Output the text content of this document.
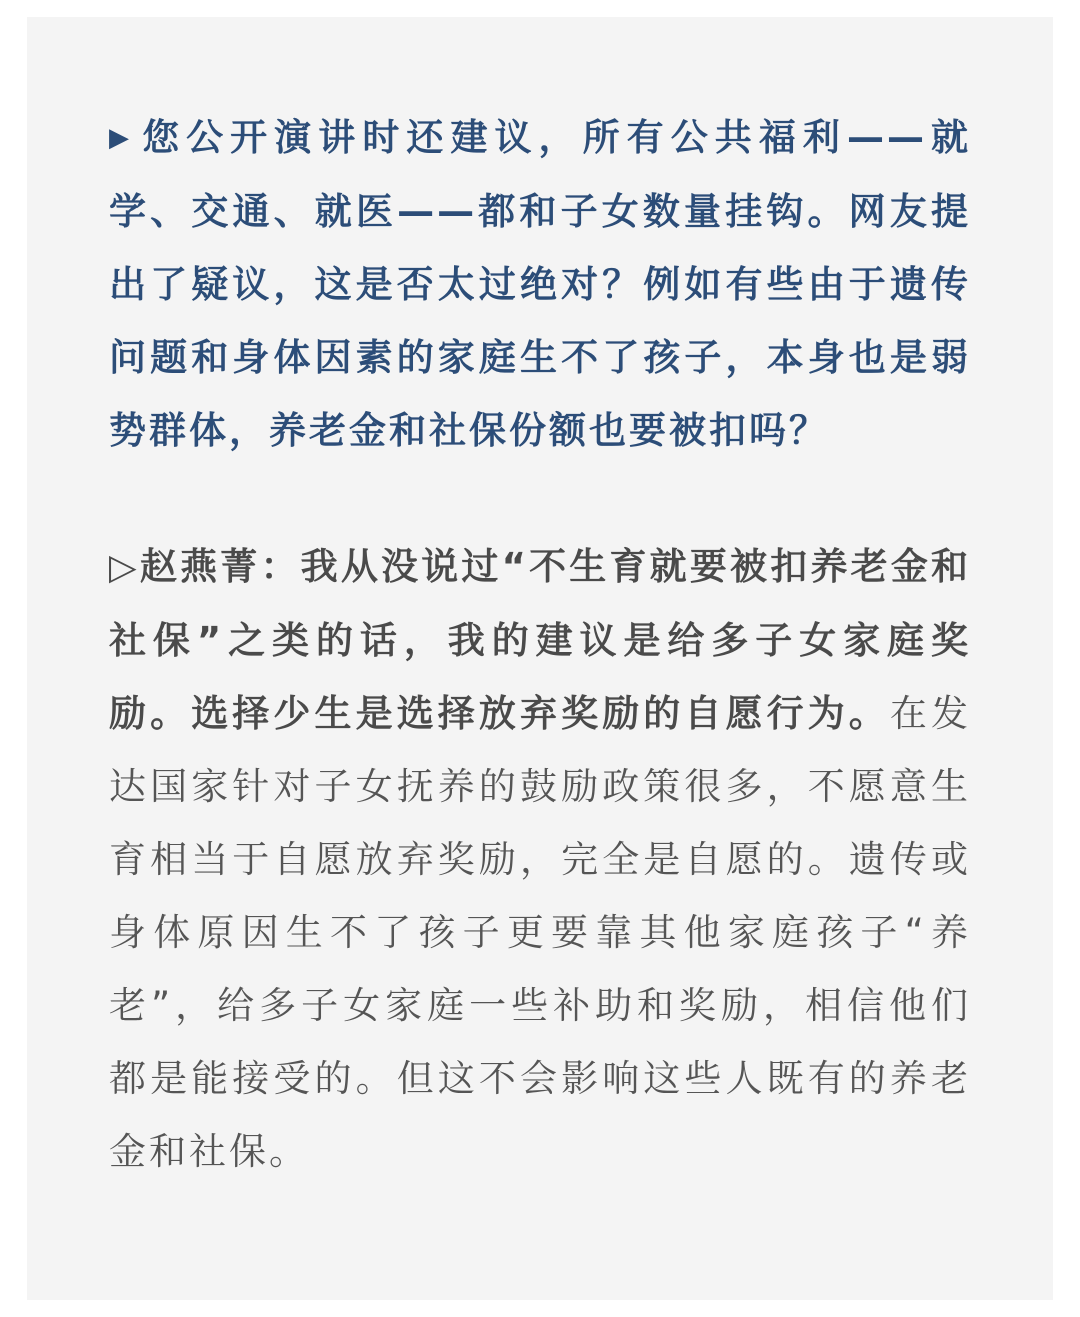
▶ 您公开演讲时还建议，所有公共福利——就学、交通、就医——都和子女数量挂钩。网友提出了疑议，这是否太过绝对？例如有些由于遗传问题和身体因素的家庭生不了孩子，本身也是弱势群体，养老金和社保份额也要被扣吗？

▷赵燕菁：我从没说过“不生育就要被扣养老金和社保”之类的话，我的建议是给多子女家庭奖励。选择少生是选择放弃奖励的自愿行为。在发达国家针对子女抚养的鼓励政策很多，不愿意生育相当于自愿放弃奖励，完全是自愿的。遗传或身体原因生不了孩子更要靠其他家庭孩子“养老”，给多子女家庭一些补助和奖励，相信他们都是能接受的。但这不会影响这些人既有的养老金和社保。
